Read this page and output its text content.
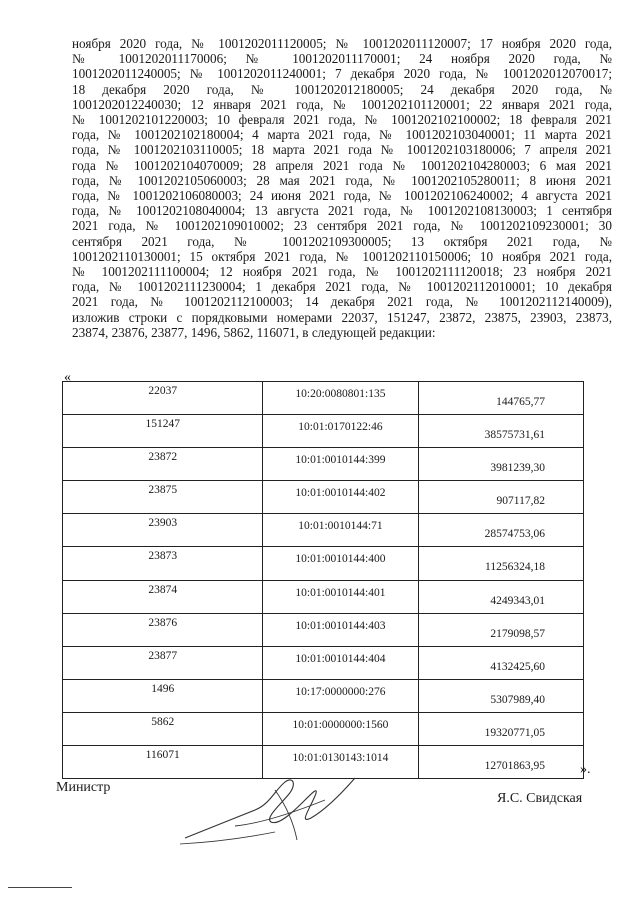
ноября 2020 года, № 1001202011120005; № 1001202011120007; 17 ноября 2020 года,
№ 1001202011170006; № 1001202011170001; 24 ноября 2020 года, №
1001202011240005; № 1001202011240001; 7 декабря 2020 года, № 1001202012070017;
18 декабря 2020 года, № 1001202012180005; 24 декабря 2020 года, №
1001202012240030; 12 января 2021 года, № 1001202101120001; 22 января 2021 года,
№ 1001202101220003; 10 февраля 2021 года, № 1001202102100002; 18 февраля 2021
года, № 1001202102180004; 4 марта 2021 года, № 1001202103040001; 11 марта 2021
года, № 1001202103110005; 18 марта 2021 года № 1001202103180006; 7 апреля 2021
года № 1001202104070009; 28 апреля 2021 года № 1001202104280003; 6 мая 2021
года, № 1001202105060003; 28 мая 2021 года, № 1001202105280011; 8 июня 2021
года, № 1001202106080003; 24 июня 2021 года, № 1001202106240002; 4 августа 2021
года, № 1001202108040004; 13 августа 2021 года, № 1001202108130003; 1 сентября
2021 года, № 1001202109010002; 23 сентября 2021 года, № 1001202109230001; 30
сентября 2021 года, № 1001202109300005; 13 октября 2021 года, №
1001202110130001; 15 октября 2021 года, № 1001202110150006; 10 ноября 2021 года,
№ 1001202111100004; 12 ноября 2021 года, № 1001202111120018; 23 ноября 2021
года, № 1001202111230004; 1 декабря 2021 года, № 1001202112010001; 10 декабря
2021 года, № 1001202112100003; 14 декабря 2021 года, № 1001202112140009),
изложив строки с порядковыми номерами 22037, 151247, 23872, 23875, 23903, 23873,
23874, 23876, 23877, 1496, 5862, 116071, в следующей редакции:
«
22037	10:20:0080801:135	144765,77
151247	10:01:0170122:46	38575731,61
23872	10:01:0010144:399	3981239,30
23875	10:01:0010144:402	907117,82
23903	10:01:0010144:71	28574753,06
23873	10:01:0010144:400	11256324,18
23874	10:01:0010144:401	4249343,01
23876	10:01:0010144:403	2179098,57
23877	10:01:0010144:404	4132425,60
1496	10:17:0000000:276	5307989,40
5862	10:01:0000000:1560	19320771,05
116071	10:01:0130143:1014	12701863,95	».
Министр
Я.С. Свидская
